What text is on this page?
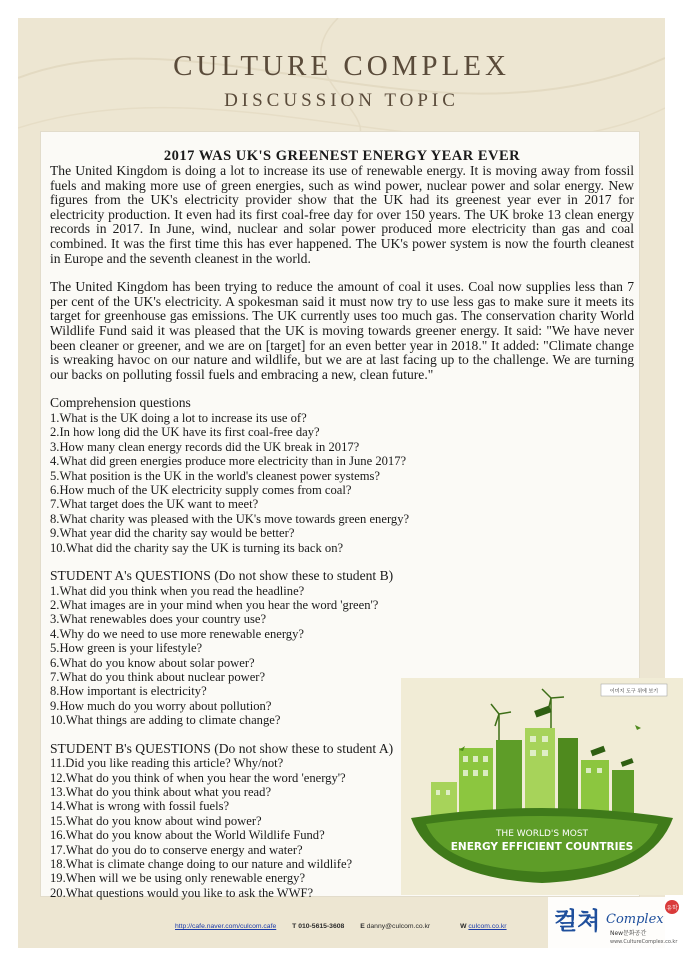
CULTURE COMPLEX
DISCUSSION TOPIC
2017 WAS UK'S GREENEST ENERGY YEAR EVER

The United Kingdom is doing a lot to increase its use of renewable energy. It is moving away from fossil fuels and making more use of green energies, such as wind power, nuclear power and solar energy. New figures from the UK's electricity provider show that the UK had its greenest year ever in 2017 for electricity production. It even had its first coal-free day for over 150 years. The UK broke 13 clean energy records in 2017. In June, wind, nuclear and solar power produced more electricity than gas and coal combined. It was the first time this has ever happened. The UK's power system is now the fourth cleanest in Europe and the seventh cleanest in the world.

The United Kingdom has been trying to reduce the amount of coal it uses. Coal now supplies less than 7 per cent of the UK's electricity. A spokesman said it must now try to use less gas to make sure it meets its target for greenhouse gas emissions. The UK currently uses too much gas. The conservation charity World Wildlife Fund said it was pleased that the UK is moving towards greener energy. It said: "We have never been cleaner or greener, and we are on [target] for an even better year in 2018." It added: "Climate change is wreaking havoc on our nature and wildlife, but we are at last facing up to the challenge. We are turning our backs on polluting fossil fuels and embracing a new, clean future."

Comprehension questions

1.What is the UK doing a lot to increase its use of?
2.In how long did the UK have its first coal-free day?
3.How many clean energy records did the UK break in 2017?
4.What did green energies produce more electricity than in June 2017?
5.What position is the UK in the world's cleanest power systems?
6.How much of the UK electricity supply comes from coal?
7.What target does the UK want to meet?
8.What charity was pleased with the UK's move towards green energy?
9.What year did the charity say would be better?
10.What did the charity say the UK is turning its back on?

STUDENT A's QUESTIONS (Do not show these to student B)

1.What did you think when you read the headline?
2.What images are in your mind when you hear the word 'green'?
3.What renewables does your country use?
4.Why do we need to use more renewable energy?
5.How green is your lifestyle?
6.What do you know about solar power?
7.What do you think about nuclear power?
8.How important is electricity?
9.How much do you worry about pollution?
10.What things are adding to climate change?

STUDENT B's QUESTIONS (Do not show these to student A)

11.Did you like reading this article? Why/not?
12.What do you think of when you hear the word 'energy'?
13.What do you think about what you read?
14.What is wrong with fossil fuels?
15.What do you know about wind power?
16.What do you know about the World Wildlife Fund?
17.What do you do to conserve energy and water?
18.What is climate change doing to our nature and wildlife?
19.When will we be using only renewable energy?
20.What questions would you like to ask the WWF?
이미지 도구 위에 보기
THE WORLD'S MOST
ENERGY EFFICIENT COUNTRIES
http://cafe.naver.com/culcom.cafe T 010-5615-3608 E danny@culcom.co.kr	W culcom.co.kr	컬쳐 Complex
유학
New문화공간
www.CultureComplex.co.kr
